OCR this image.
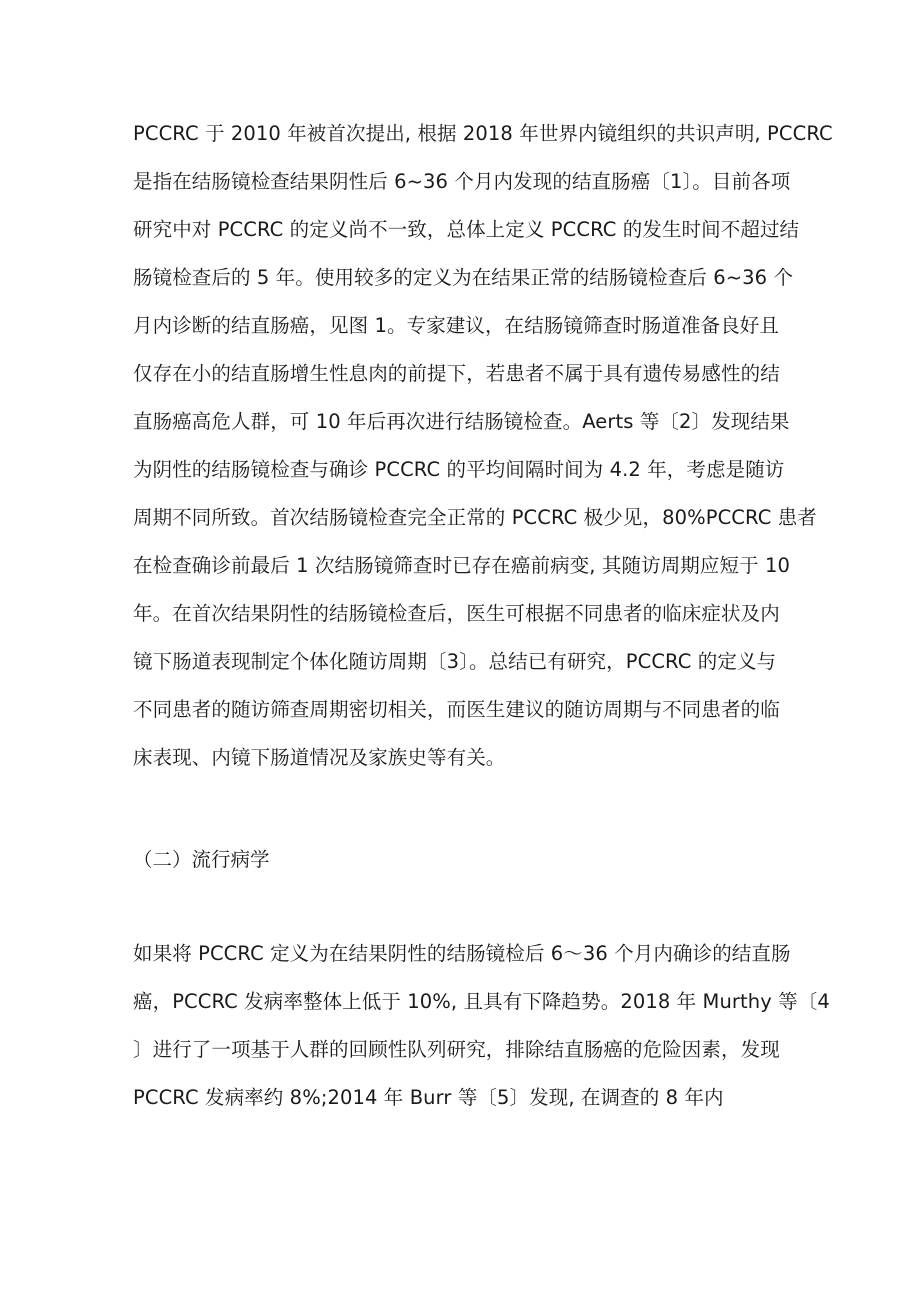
PCCRC 于 2010 年被首次提出, 根据 2018 年世界内镜组织的共识声明, PCCRC
是指在结肠镜检查结果阴性后 6~36 个月内发现的结直肠癌〔1〕。目前各项
研究中对 PCCRC 的定义尚不一致，总体上定义 PCCRC 的发生时间不超过结
肠镜检查后的 5 年。使用较多的定义为在结果正常的结肠镜检查后 6~36 个
月内诊断的结直肠癌，见图 1。专家建议，在结肠镜筛查时肠道准备良好且
仅存在小的结直肠增生性息肉的前提下，若患者不属于具有遗传易感性的结
直肠癌高危人群，可 10 年后再次进行结肠镜检查。Aerts 等〔2〕发现结果
为阴性的结肠镜检查与确诊 PCCRC 的平均间隔时间为 4.2 年，考虑是随访
周期不同所致。首次结肠镜检查完全正常的 PCCRC 极少见，80%PCCRC 患者
在检查确诊前最后 1 次结肠镜筛查时已存在癌前病变, 其随访周期应短于 10
年。在首次结果阴性的结肠镜检查后，医生可根据不同患者的临床症状及内
镜下肠道表现制定个体化随访周期〔3〕。总结已有研究，PCCRC 的定义与
不同患者的随访筛查周期密切相关，而医生建议的随访周期与不同患者的临
床表现、内镜下肠道情况及家族史等有关。
（二）流行病学
如果将 PCCRC 定义为在结果阴性的结肠镜检后 6～36 个月内确诊的结直肠
癌，PCCRC 发病率整体上低于 10%, 且具有下降趋势。2018 年 Murthy 等〔4
〕进行了一项基于人群的回顾性队列研究，排除结直肠癌的危险因素，发现
PCCRC 发病率约 8%;2014 年 Burr 等〔5〕发现, 在调查的 8 年内
